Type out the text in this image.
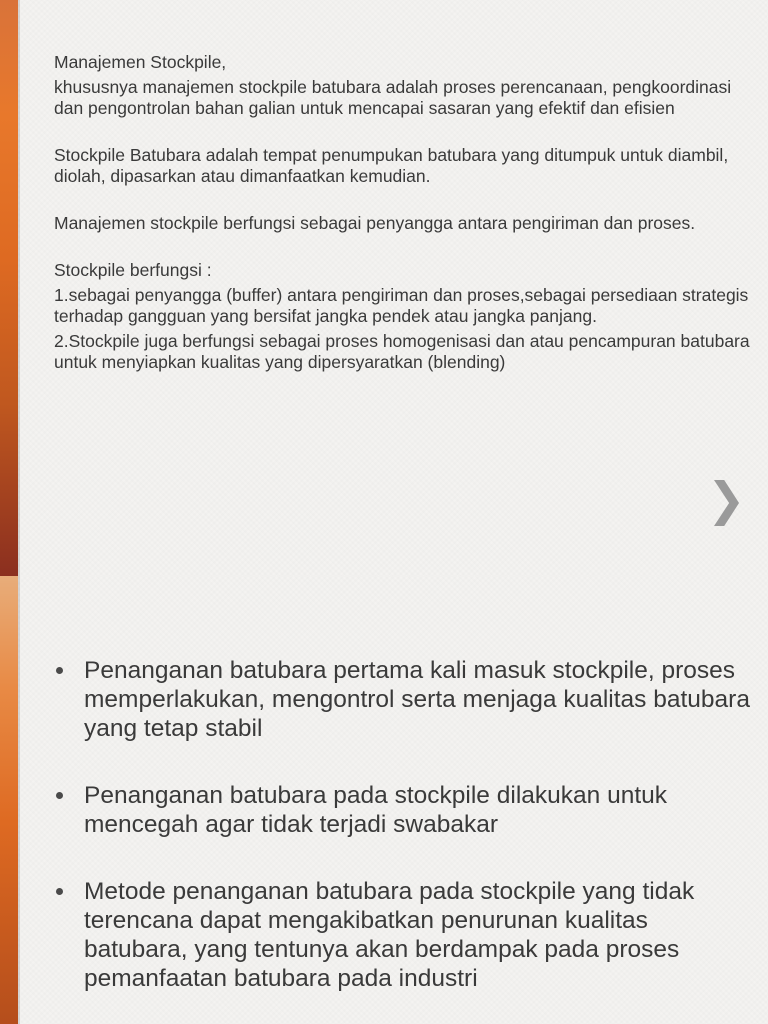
Manajemen Stockpile,

khususnya manajemen stockpile batubara adalah proses perencanaan, pengkoordinasi dan pengontrolan bahan galian untuk mencapai sasaran yang efektif dan efisien

Stockpile Batubara adalah tempat penumpukan batubara yang ditumpuk untuk diambil, diolah, dipasarkan atau dimanfaatkan kemudian.

Manajemen stockpile berfungsi sebagai penyangga antara pengiriman dan proses.

Stockpile berfungsi :

1.sebagai penyangga (buffer) antara pengiriman dan proses,sebagai persediaan strategis terhadap gangguan yang bersifat jangka pendek atau jangka panjang.

2.Stockpile juga berfungsi sebagai proses homogenisasi dan atau pencampuran batubara untuk menyiapkan kualitas yang dipersyaratkan (blending)

❯
Penanganan batubara pertama kali masuk stockpile, proses memperlakukan, mengontrol serta menjaga kualitas batubara yang tetap stabil
Penanganan batubara pada stockpile dilakukan untuk mencegah agar tidak terjadi swabakar
Metode penanganan batubara pada stockpile yang tidak terencana dapat mengakibatkan penurunan kualitas batubara, yang tentunya akan berdampak pada proses pemanfaatan batubara pada industri
